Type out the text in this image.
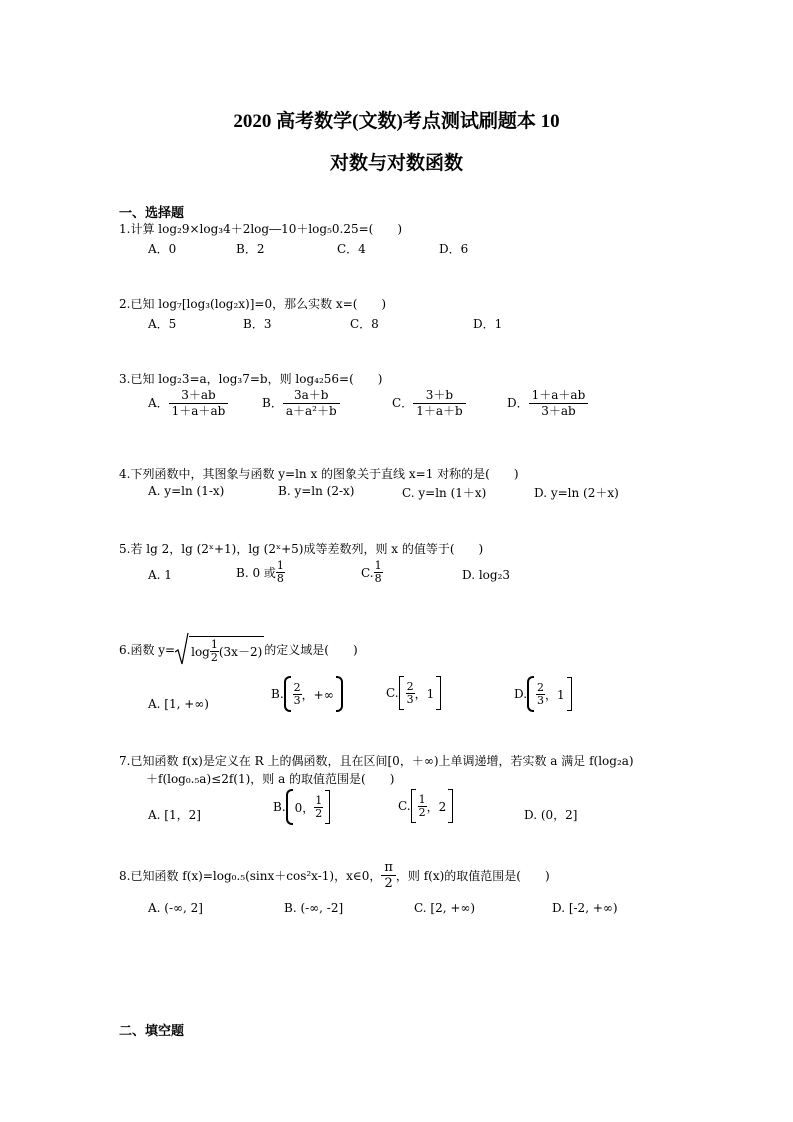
2020 高考数学(文数)考点测试刷题本 10
对数与对数函数
一、选择题
1.计算 log₂9×log₃4＋2log―10＋log₅0.25=(　　)
A．0	B．2	C．4	D．6
2.已知 log₇[log₃(log₂x)]=0，那么实数 x=(　　)
A．5	B．3	C．8	D．1
3.已知 log₂3=a，log₃7=b，则 log₄₂56=(　　)
A． $\frac{3+ab}{1+a+ab}$	B． $\frac{3a+b}{\text{a＋a²＋b}}$	C． $\frac{3+b}{1+a+b}$	D． $\frac{1+a+ab}{3+ab}$
4.下列函数中，其图象与函数 y=ln x 的图象关于直线 x=1 对称的是(　　)
A. y=ln (1-x)	B. y=ln (2-x)	C. y=ln (1＋x)	D. y=ln (2＋x)
5.若 lg 2，lg (2ˣ+1)，lg (2ˣ+5)成等差数列，则 x 的值等于(　　)
A. 1	B. 0 或 $\frac{1}{8}$	C. $\frac{1}{8}$	D. log₂3
6.函数 $y= \log \frac{1}{2} (3x-2)$ 的定义域是(　　)
A. [1, +∞)
B. $\frac{2}{3}$ ，+∞	C. $\frac{2}{3}$ ，1	D. $\frac{2}{3}$ ，1
7.已知函数 f(x)是定义在 R 上的偶函数，且在区间[0，＋∞)上单调递增，若实数 a 满足 f(log₂a)
＋f(log₀.₅a)≤2f(1)，则 a 的取值范围是(　　)
A. [1，2]
B. 0， $\frac{1}{2}$	C. $\frac{1}{2}$ ，2
D. (0，2]
8.已知函数 f(x)=log₀.₅(sinx＋cos²x-1)，x∈0， $\frac{\pi}{2}$ ，则 f(x)的取值范围是(　　)
A. (-∞, 2]	B. (-∞, -2]	C. [2, +∞)	D. [-2, +∞)
二、填空题
